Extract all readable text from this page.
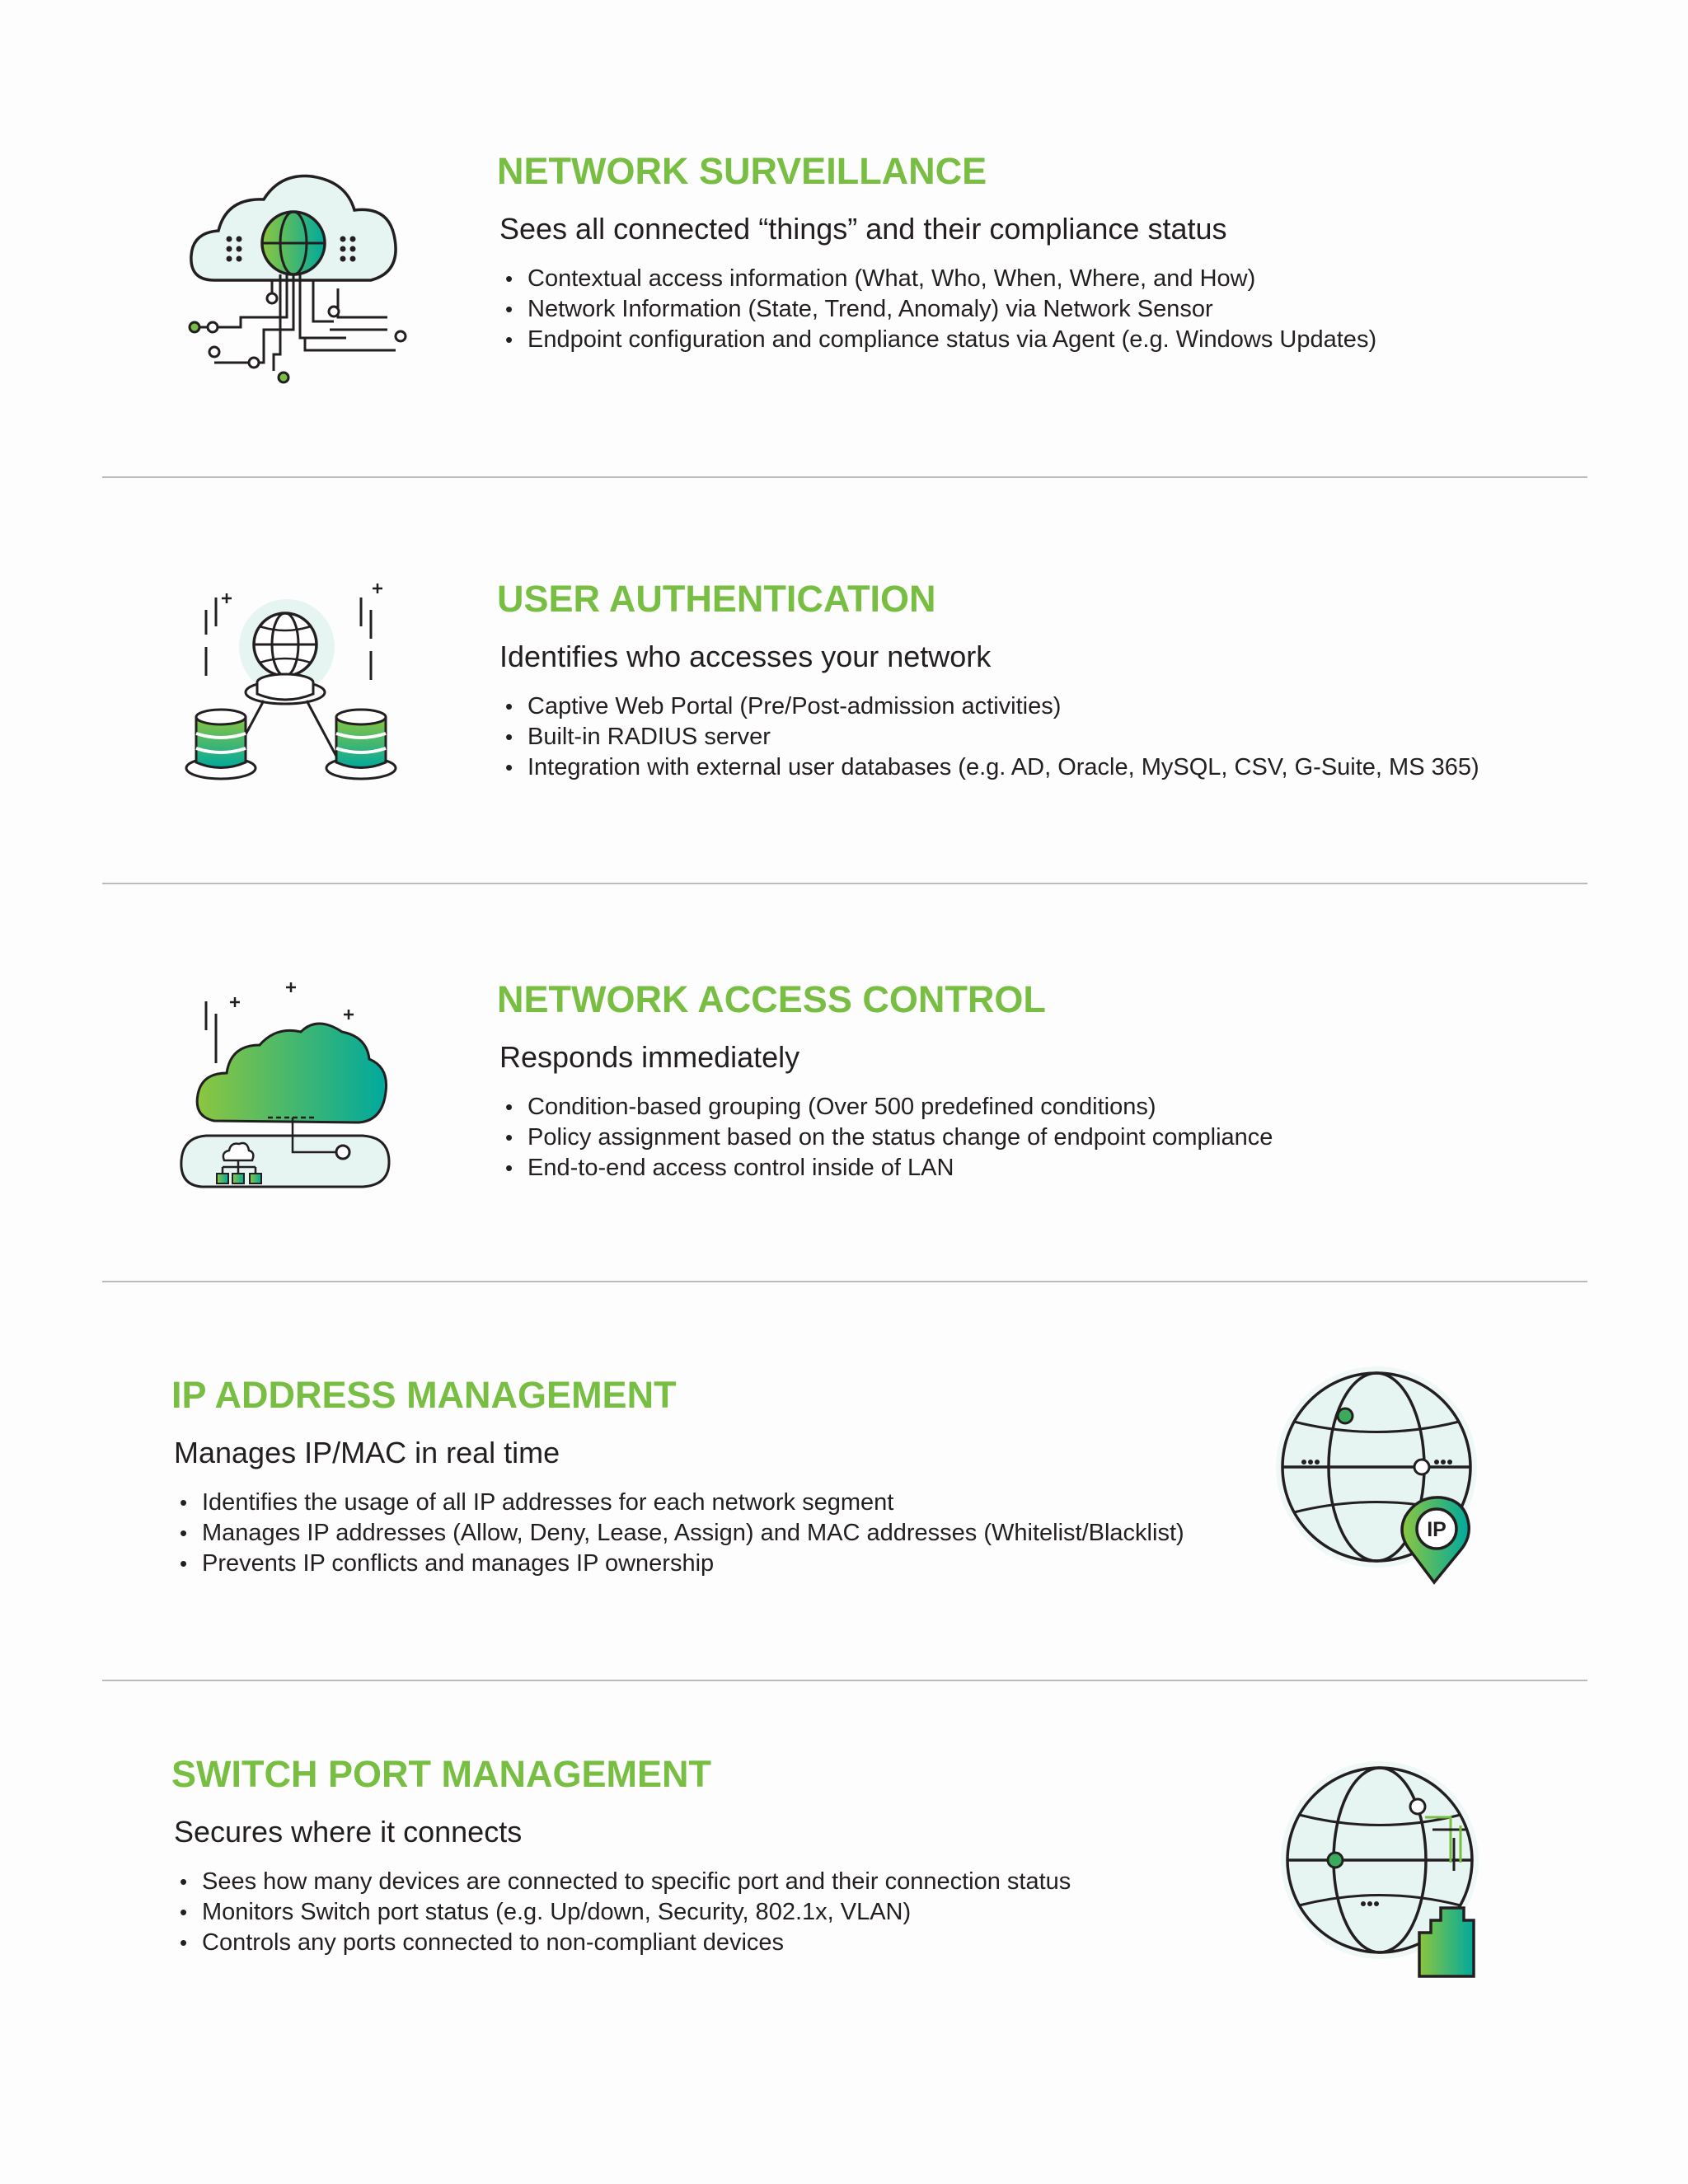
NETWORK SURVEILLANCE
Sees all connected “things” and their compliance status
• Contextual access information (What, Who, When, Where, and How)
• Network Information (State, Trend, Anomaly) via Network Sensor
• Endpoint configuration and compliance status via Agent (e.g. Windows Updates)
USER AUTHENTICATION
Identifies who accesses your network
• Captive Web Portal (Pre/Post-admission activities)
• Built-in RADIUS server
• Integration with external user databases (e.g. AD, Oracle, MySQL, CSV, G-Suite, MS 365)
NETWORK ACCESS CONTROL
Responds immediately
• Condition-based grouping (Over 500 predefined conditions)
• Policy assignment based on the status change of endpoint compliance
• End-to-end access control inside of LAN
IP ADDRESS MANAGEMENT
Manages IP/MAC in real time
• Identifies the usage of all IP addresses for each network segment
• Manages IP addresses (Allow, Deny, Lease, Assign) and MAC addresses (Whitelist/Blacklist)
• Prevents IP conflicts and manages IP ownership
IP
SWITCH PORT MANAGEMENT
Secures where it connects
• Sees how many devices are connected to specific port and their connection status
• Monitors Switch port status (e.g. Up/down, Security, 802.1x, VLAN)
• Controls any ports connected to non-compliant devices
